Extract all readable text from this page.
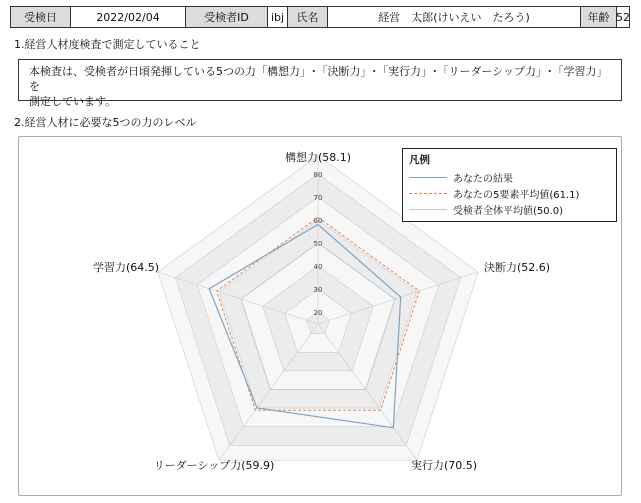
受検日	2022/02/04	受検者ID	ibj	氏名	経営　太郎(けいえい　たろう)	年齢 52
1.経営人材度検査で測定していること
本検査は、受検者が日頃発揮している5つの力「構想力」･「決断力」･「実行力」･「リーダーシップ力」･「学習力」を
測定しています。
2.経営人材に必要な5つの力のレベル
20
30
40
50
60
70
80
構想力(58.1)
決断力(52.6)
実行力(70.5)
リーダーシップ力(59.9)
学習力(64.5)
凡例
あなたの結果
あなたの5要素平均値(61.1)
受検者全体平均値(50.0)
